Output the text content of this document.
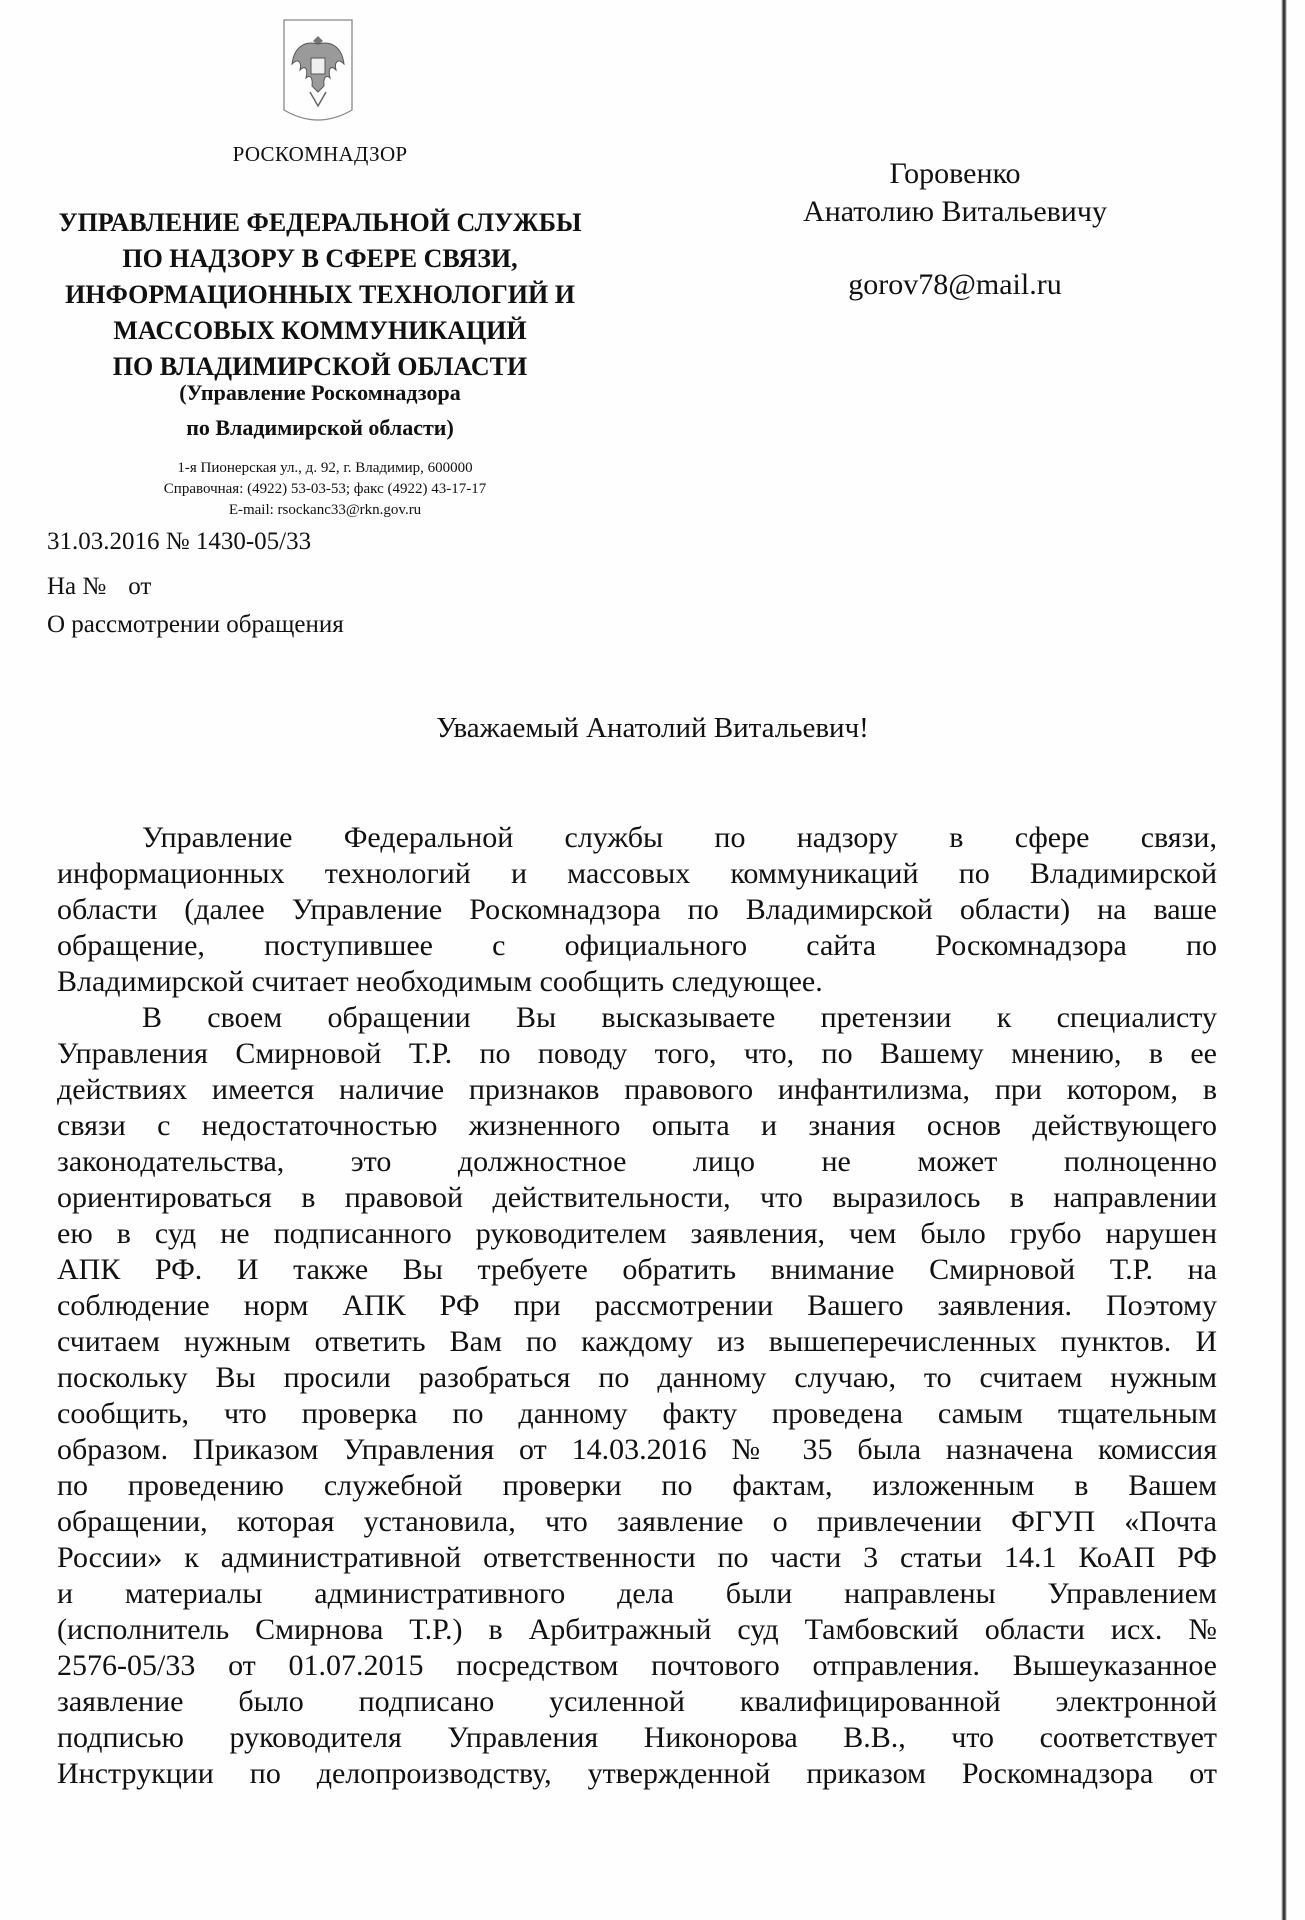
РОСКОМНАДЗОР
УПРАВЛЕНИЕ ФЕДЕРАЛЬНОЙ СЛУЖБЫ
ПО НАДЗОРУ В СФЕРЕ СВЯЗИ,
ИНФОРМАЦИОННЫХ ТЕХНОЛОГИЙ И
МАССОВЫХ КОММУНИКАЦИЙ
ПО ВЛАДИМИРСКОЙ ОБЛАСТИ
(Управление Роскомнадзора
по Владимирской области)
1-я Пионерская ул., д. 92, г. Владимир, 600000
Справочная: (4922) 53-03-53; факс (4922) 43-17-17
E-mail: rsockanc33@rkn.gov.ru
31.03.2016 № 1430-05/33
На № от
О рассмотрении обращения
Горовенко
Анатолию Витальевичу
gorov78@mail.ru
Уважаемый Анатолий Витальевич!
Управление Федеральной службы по надзору в сфере связи,
информационных технологий и массовых коммуникаций по Владимирской
области (далее Управление Роскомнадзора по Владимирской области) на ваше
обращение, поступившее с официального сайта Роскомнадзора по
Владимирской считает необходимым сообщить следующее.
В своем обращении Вы высказываете претензии к специалисту
Управления Смирновой Т.Р. по поводу того, что, по Вашему мнению, в ее
действиях имеется наличие признаков правового инфантилизма, при котором, в
связи с недостаточностью жизненного опыта и знания основ действующего
законодательства, это должностное лицо не может полноценно
ориентироваться в правовой действительности, что выразилось в направлении
ею в суд не подписанного руководителем заявления, чем было грубо нарушен
АПК РФ. И также Вы требуете обратить внимание Смирновой Т.Р. на
соблюдение норм АПК РФ при рассмотрении Вашего заявления. Поэтому
считаем нужным ответить Вам по каждому из вышеперечисленных пунктов. И
поскольку Вы просили разобраться по данному случаю, то считаем нужным
сообщить, что проверка по данному факту проведена самым тщательным
образом. Приказом Управления от 14.03.2016 № 35 была назначена комиссия
по проведению служебной проверки по фактам, изложенным в Вашем
обращении, которая установила, что заявление о привлечении ФГУП «Почта
России» к административной ответственности по части 3 статьи 14.1 КоАП РФ
и материалы административного дела были направлены Управлением
(исполнитель Смирнова Т.Р.) в Арбитражный суд Тамбовский области исх. №
2576-05/33 от 01.07.2015 посредством почтового отправления. Вышеуказанное
заявление было подписано усиленной квалифицированной электронной
подписью руководителя Управления Никонорова В.В., что соответствует
Инструкции по делопроизводству, утвержденной приказом Роскомнадзора от
